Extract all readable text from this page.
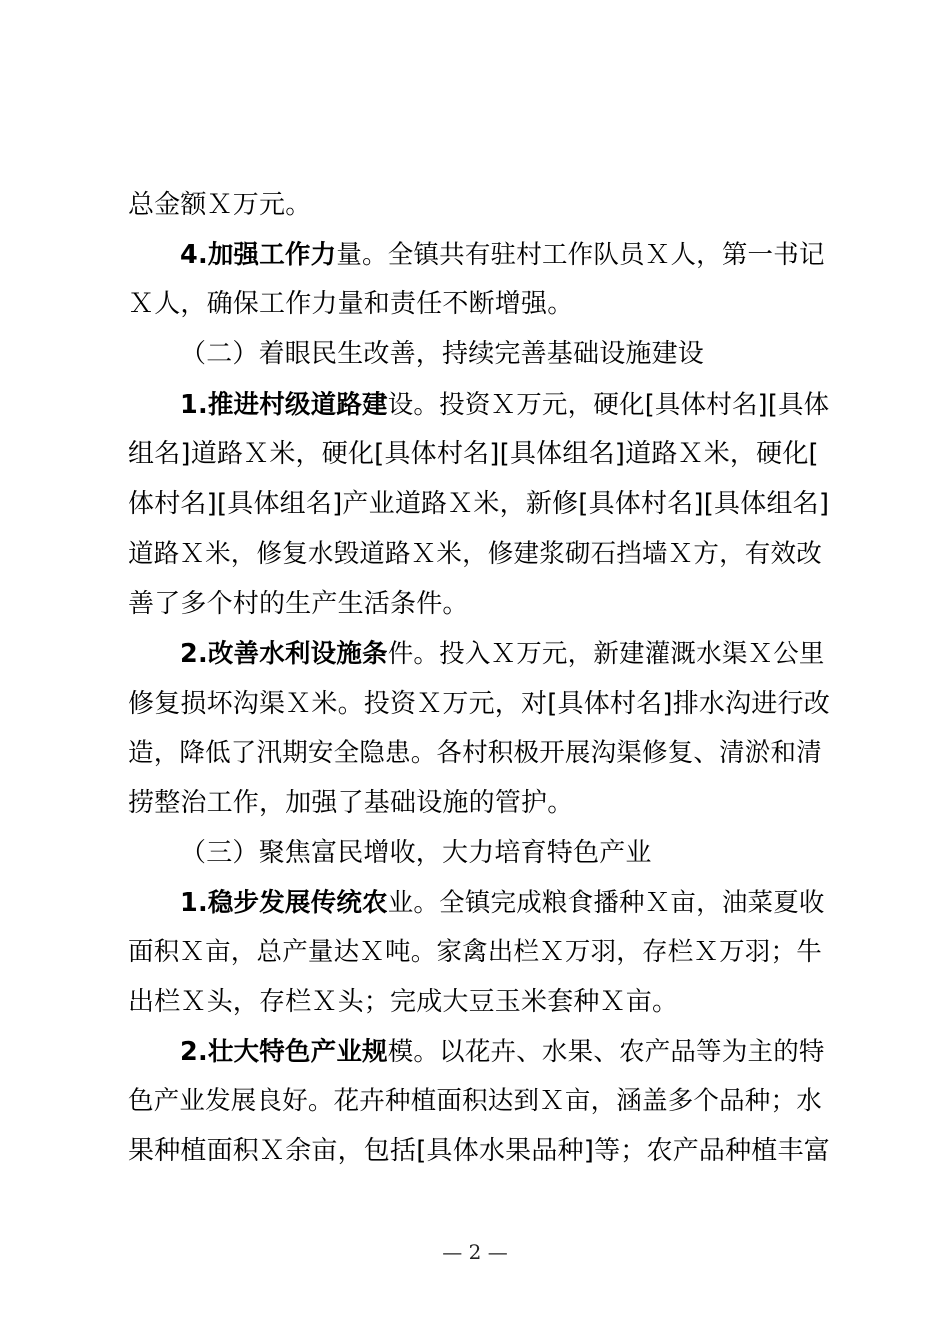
总金额Ｘ万元。
4.加强工作力量。全镇共有驻村工作队员Ｘ人，第一书记
Ｘ人，确保工作力量和责任不断增强。
（二）着眼民生改善，持续完善基础设施建设
1.推进村级道路建设。投资Ｘ万元，硬化[具体村名][具体
组名]道路Ｘ米，硬化[具体村名][具体组名]道路Ｘ米，硬化[
体村名][具体组名]产业道路Ｘ米，新修[具体村名][具体组名]
道路Ｘ米，修复水毁道路Ｘ米，修建浆砌石挡墙Ｘ方，有效改
善了多个村的生产生活条件。
2.改善水利设施条件。投入Ｘ万元，新建灌溉水渠Ｘ公里
修复损坏沟渠Ｘ米。投资Ｘ万元，对[具体村名]排水沟进行改
造，降低了汛期安全隐患。各村积极开展沟渠修复、清淤和清
捞整治工作，加强了基础设施的管护。
（三）聚焦富民增收，大力培育特色产业
1.稳步发展传统农业。全镇完成粮食播种Ｘ亩，油菜夏收
面积Ｘ亩，总产量达Ｘ吨。家禽出栏Ｘ万羽，存栏Ｘ万羽；牛
出栏Ｘ头，存栏Ｘ头；完成大豆玉米套种Ｘ亩。
2.壮大特色产业规模。以花卉、水果、农产品等为主的特
色产业发展良好。花卉种植面积达到Ｘ亩，涵盖多个品种；水
果种植面积Ｘ余亩，包括[具体水果品种]等；农产品种植丰富
— 2 —
